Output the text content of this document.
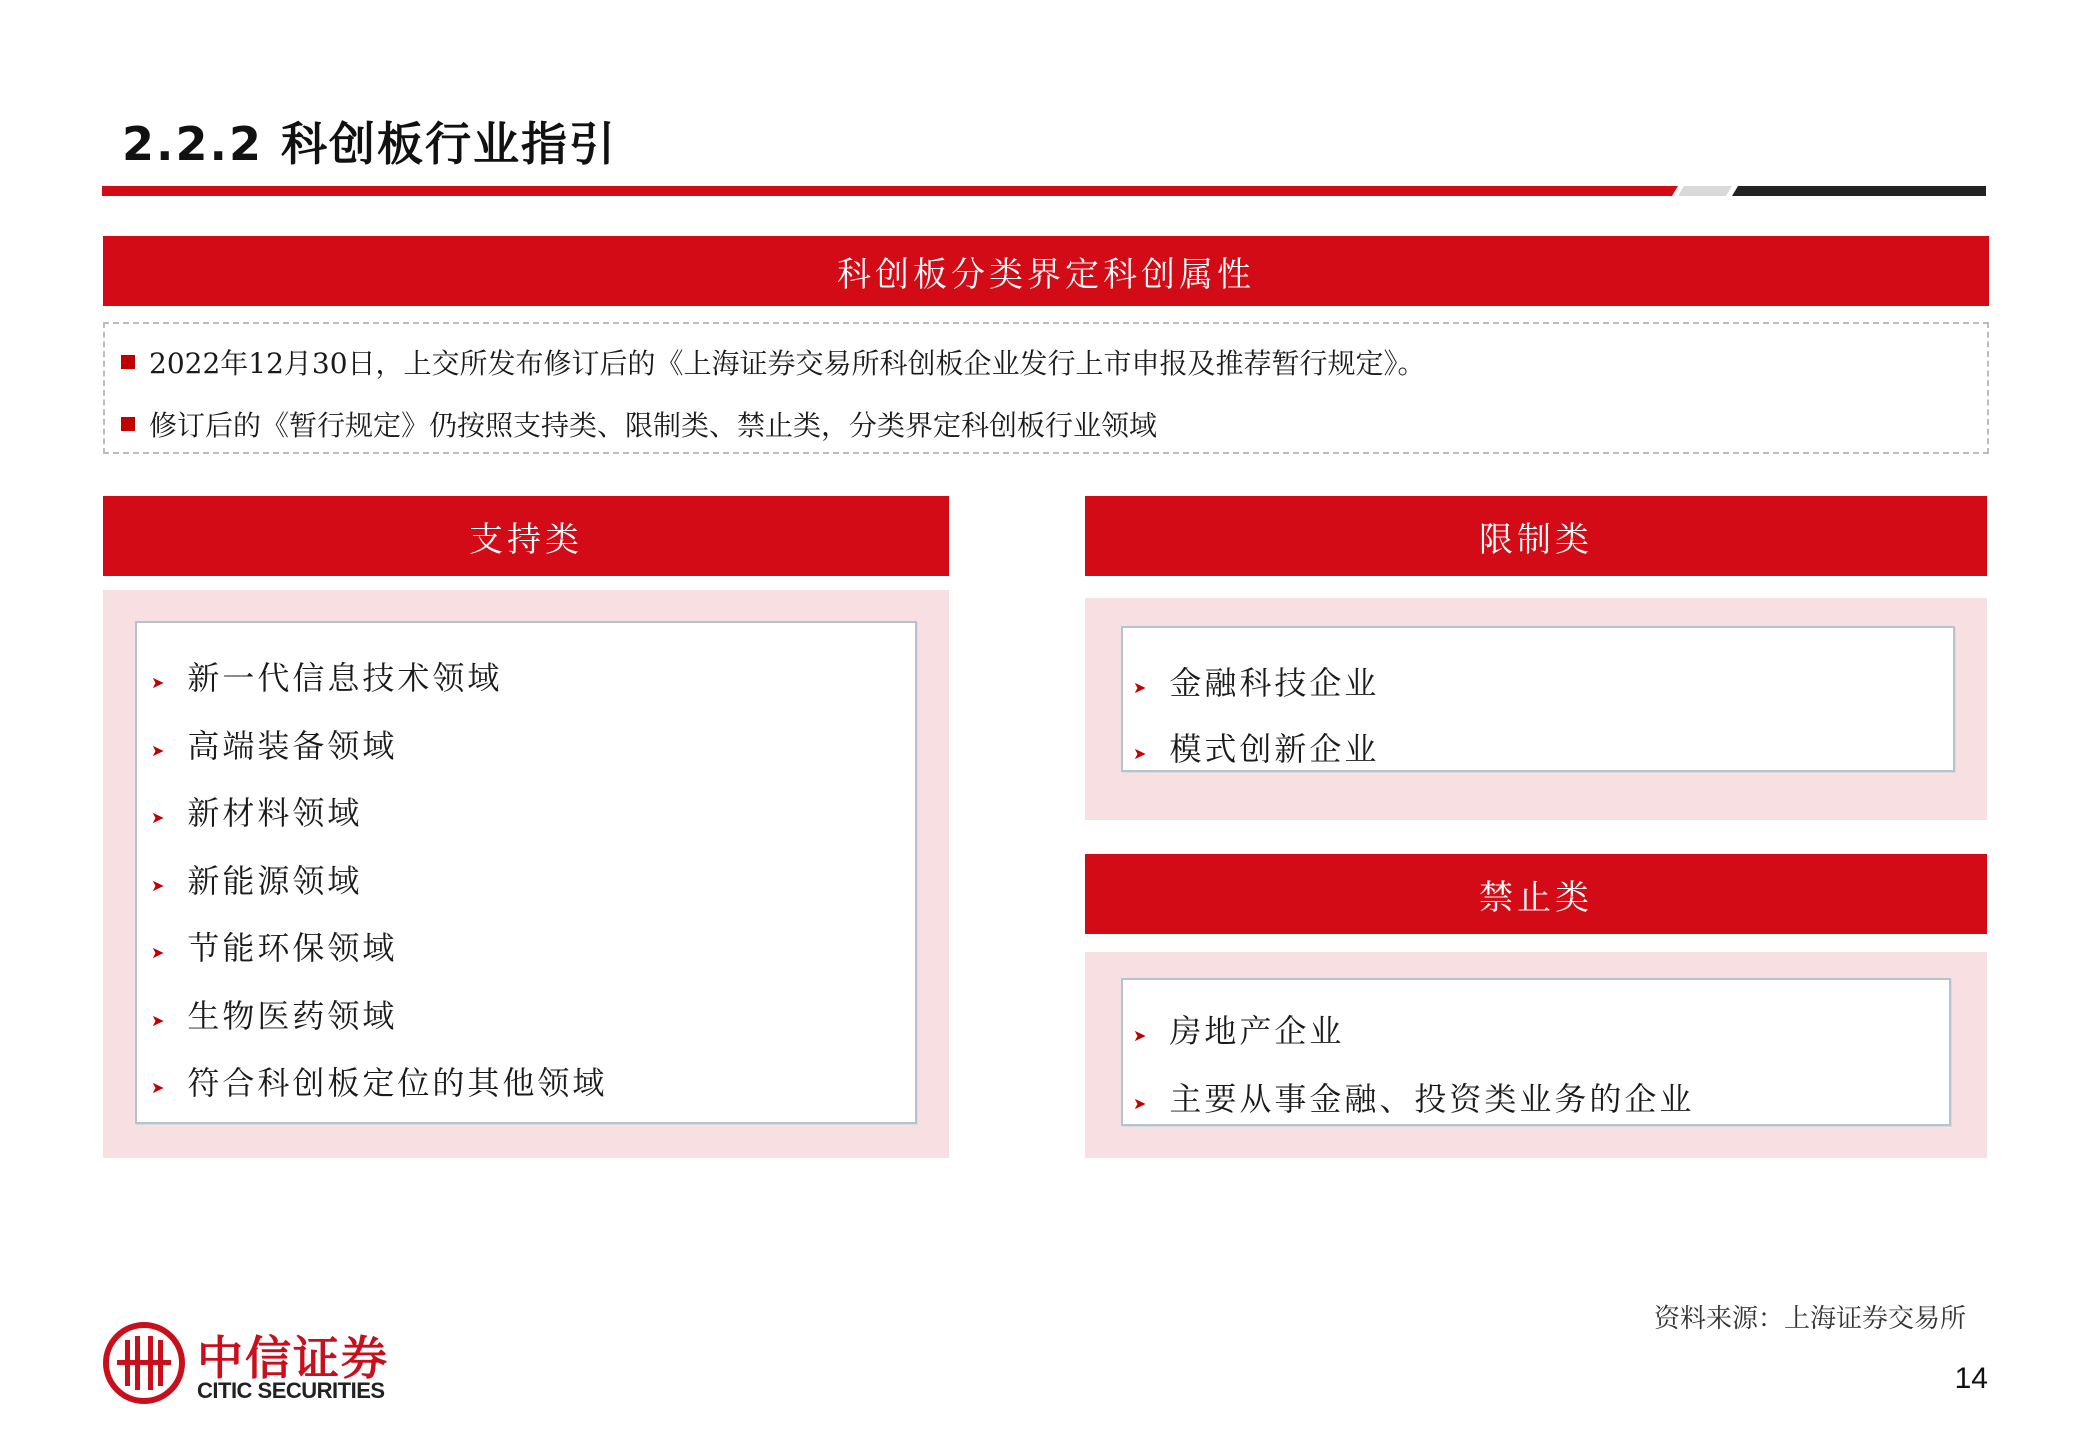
2.2.2 科创板行业指引
科创板分类界定科创属性
2022年12月30日，上交所发布修订后的《上海证券交易所科创板企业发行上市申报及推荐暂行规定》。
修订后的《暂行规定》仍按照支持类、限制类、禁止类，分类界定科创板行业领域
支持类
➤ 新一代信息技术领域
➤ 高端装备领域
➤ 新材料领域
➤ 新能源领域
➤ 节能环保领域
➤ 生物医药领域
➤ 符合科创板定位的其他领域
限制类
➤ 金融科技企业
➤ 模式创新企业
禁止类
➤ 房地产企业
➤ 主要从事金融、投资类业务的企业
资料来源：上海证券交易所
14
中信证券
CITIC SECURITIES
